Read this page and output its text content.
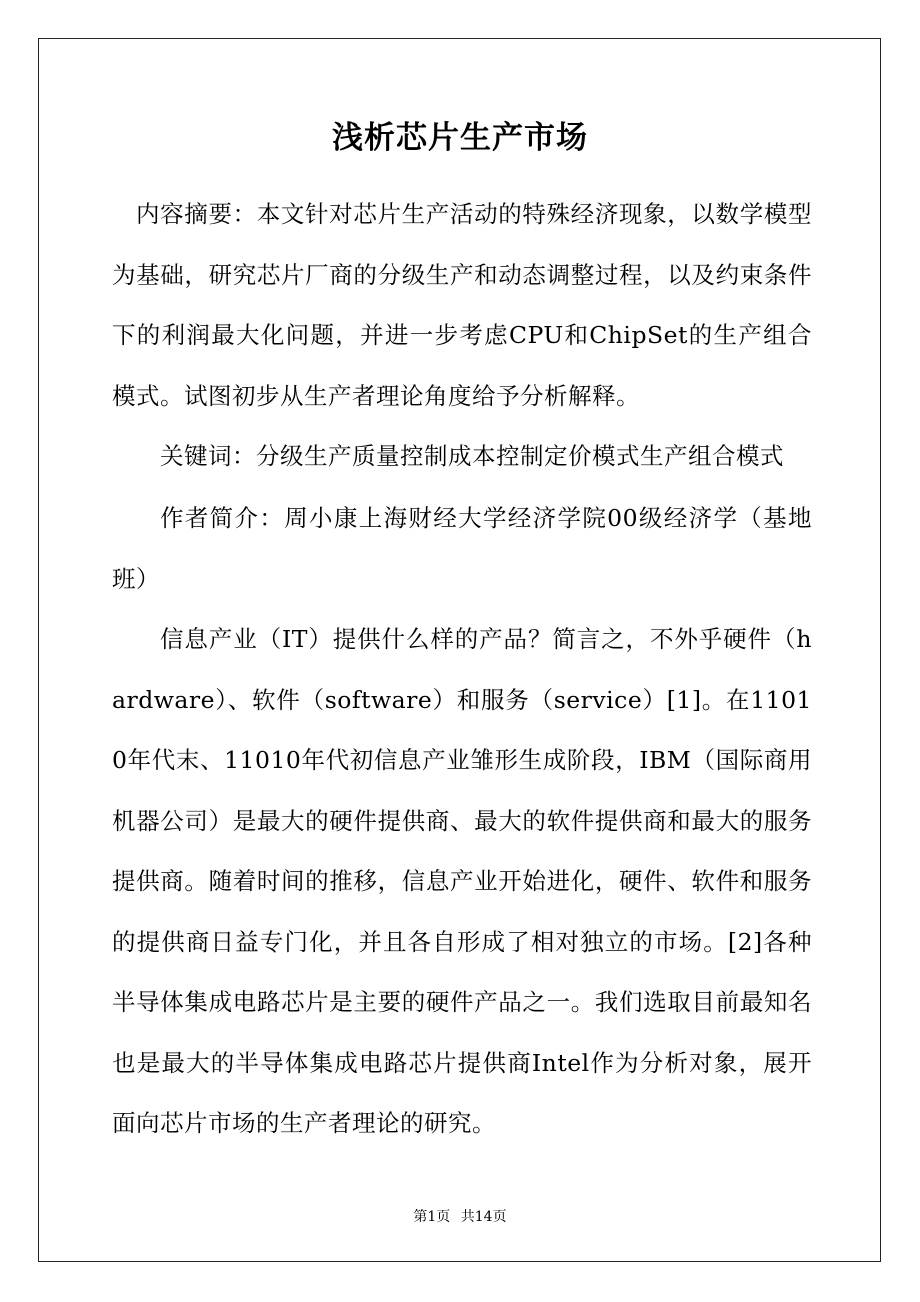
浅析芯片生产市场

内容摘要：本文针对芯片生产活动的特殊经济现象，以数学模型为基础，研究芯片厂商的分级生产和动态调整过程，以及约束条件下的利润最大化问题，并进一步考虑CPU和ChipSet的生产组合模式。试图初步从生产者理论角度给予分析解释。

关键词：分级生产质量控制成本控制定价模式生产组合模式

作者简介：周小康上海财经大学经济学院00级经济学（基地班）

信息产业（IT）提供什么样的产品？简言之，不外乎硬件（hardware）、软件（software）和服务（service）[1]。在11010年代末、11010年代初信息产业雏形生成阶段，IBM（国际商用机器公司）是最大的硬件提供商、最大的软件提供商和最大的服务提供商。随着时间的推移，信息产业开始进化，硬件、软件和服务的提供商日益专门化，并且各自形成了相对独立的市场。[2]各种半导体集成电路芯片是主要的硬件产品之一。我们选取目前最知名也是最大的半导体集成电路芯片提供商Intel作为分析对象，展开面向芯片市场的生产者理论的研究。

第1页 共14页
